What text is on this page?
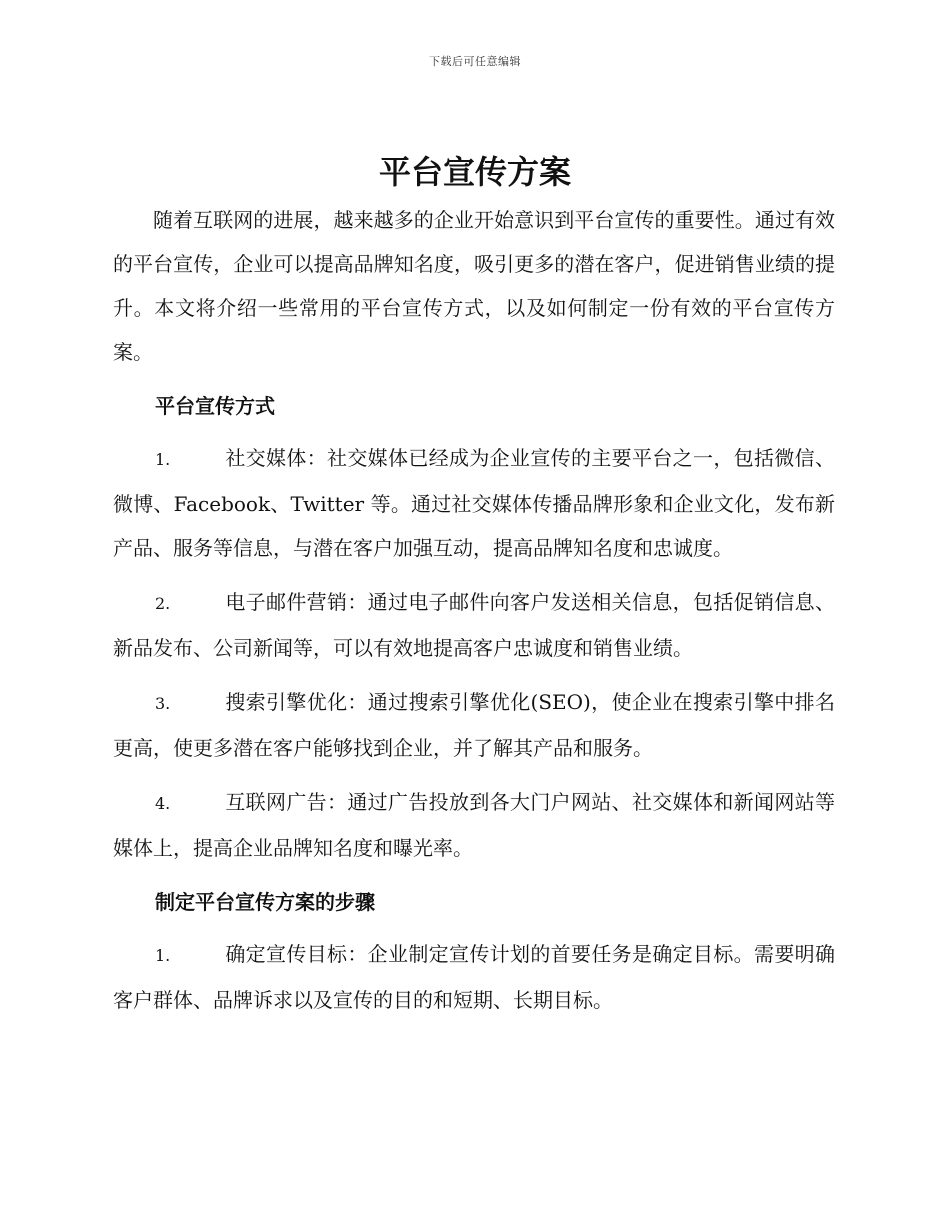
下载后可任意编辑
平台宣传方案

随着互联网的进展，越来越多的企业开始意识到平台宣传的重要性。通过有效的平台宣传，企业可以提高品牌知名度，吸引更多的潜在客户，促进销售业绩的提升。本文将介绍一些常用的平台宣传方式，以及如何制定一份有效的平台宣传方案。

平台宣传方式

1.	社交媒体：社交媒体已经成为企业宣传的主要平台之一，包括微信、微博、Facebook、Twitter 等。通过社交媒体传播品牌形象和企业文化，发布新产品、服务等信息，与潜在客户加强互动，提高品牌知名度和忠诚度。

2.	电子邮件营销：通过电子邮件向客户发送相关信息，包括促销信息、新品发布、公司新闻等，可以有效地提高客户忠诚度和销售业绩。

3.	搜索引擎优化：通过搜索引擎优化(SEO)，使企业在搜索引擎中排名更高，使更多潜在客户能够找到企业，并了解其产品和服务。

4.	互联网广告：通过广告投放到各大门户网站、社交媒体和新闻网站等媒体上，提高企业品牌知名度和曝光率。

制定平台宣传方案的步骤

1.	确定宣传目标：企业制定宣传计划的首要任务是确定目标。需要明确客户群体、品牌诉求以及宣传的目的和短期、长期目标。
